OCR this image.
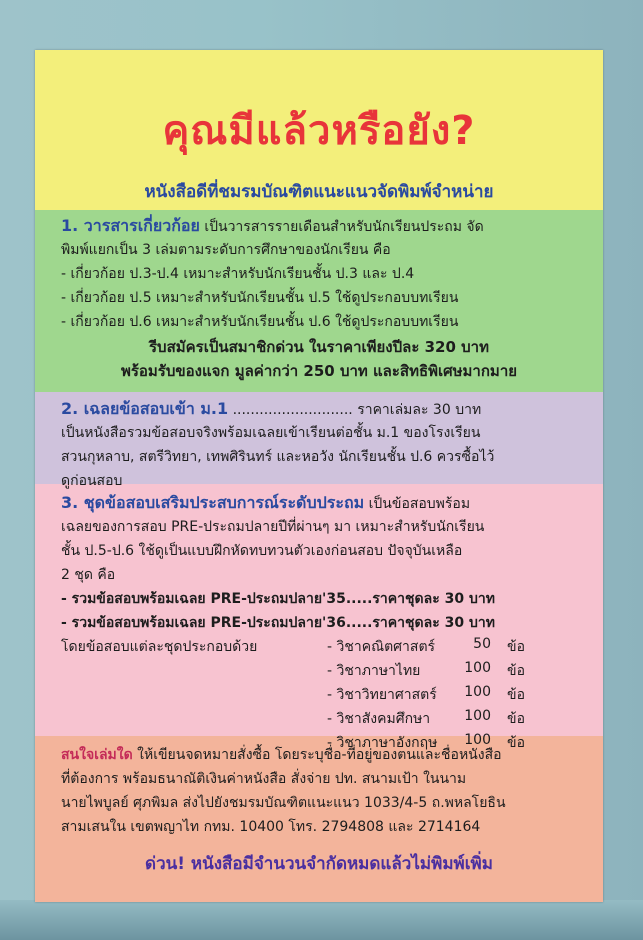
คุณมีแล้วหรือยัง?
หนังสือดีที่ชมรมบัณฑิตแนะแนวจัดพิมพ์จำหน่าย
1. วารสารเกี่ยวก้อย เป็นวารสารรายเดือนสำหรับนักเรียนประถม จัด
พิมพ์แยกเป็น 3 เล่มตามระดับการศึกษาของนักเรียน คือ
- เกี่ยวก้อย ป.3-ป.4 เหมาะสำหรับนักเรียนชั้น ป.3 และ ป.4
- เกี่ยวก้อย ป.5 เหมาะสำหรับนักเรียนชั้น ป.5 ใช้ดูประกอบบทเรียน
- เกี่ยวก้อย ป.6 เหมาะสำหรับนักเรียนชั้น ป.6 ใช้ดูประกอบบทเรียน
รีบสมัครเป็นสมาชิกด่วน ในราคาเพียงปีละ 320 บาท
พร้อมรับของแจก มูลค่ากว่า 250 บาท และสิทธิพิเศษมากมาย
2. เฉลยข้อสอบเข้า ม.1 ........................... ราคาเล่มละ 30 บาท
เป็นหนังสือรวมข้อสอบจริงพร้อมเฉลยเข้าเรียนต่อชั้น ม.1 ของโรงเรียน
สวนกุหลาบ, สตรีวิทยา, เทพศิรินทร์ และหอวัง นักเรียนชั้น ป.6 ควรซื้อไว้
ดูก่อนสอบ
3. ชุดข้อสอบเสริมประสบการณ์ระดับประถม เป็นข้อสอบพร้อม
เฉลยของการสอบ PRE-ประถมปลายปีที่ผ่านๆ มา เหมาะสำหรับนักเรียน
ชั้น ป.5-ป.6 ใช้ดูเป็นแบบฝึกหัดทบทวนตัวเองก่อนสอบ ปัจจุบันเหลือ
2 ชุด คือ
- รวมข้อสอบพร้อมเฉลย PRE-ประถมปลาย'35.....ราคาชุดละ 30 บาท
- รวมข้อสอบพร้อมเฉลย PRE-ประถมปลาย'36.....ราคาชุดละ 30 บาท
โดยข้อสอบแต่ละชุดประกอบด้วย	- วิชาคณิตศาสตร์	50 ข้อ
- วิชาภาษาไทย	100 ข้อ
- วิชาวิทยาศาสตร์	100 ข้อ
- วิชาสังคมศึกษา	100 ข้อ
- วิชาภาษาอังกฤษ	100 ข้อ
สนใจเล่มใด ให้เขียนจดหมายสั่งซื้อ โดยระบุชื่อ-ที่อยู่ของตนและชื่อหนังสือ
ที่ต้องการ พร้อมธนาณัติเงินค่าหนังสือ สั่งจ่าย ปท. สนามเป้า ในนาม
นายไพบูลย์ ศุภพิมล ส่งไปยังชมรมบัณฑิตแนะแนว 1033/4-5 ถ.พหลโยธิน
สามเสนใน เขตพญาไท กทม. 10400 โทร. 2794808 และ 2714164
ด่วน! หนังสือมีจำนวนจำกัดหมดแล้วไม่พิมพ์เพิ่ม
